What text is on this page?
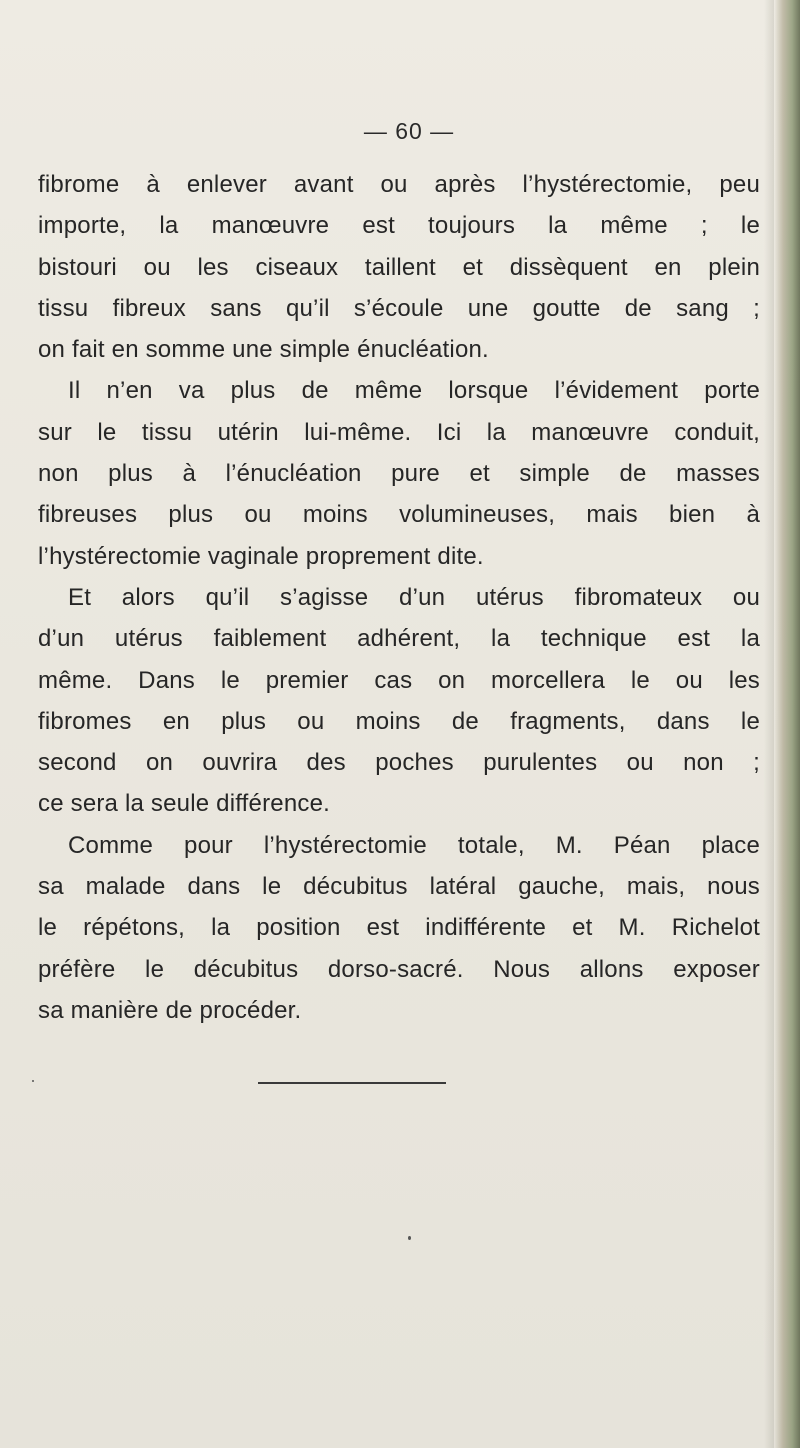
— 60 —
fibrome à enlever avant ou après l’hystérectomie, peu
importe, la manœuvre est toujours la même ; le
bistouri ou les ciseaux taillent et dissèquent en plein
tissu fibreux sans qu’il s’écoule une goutte de sang ;
on fait en somme une simple énucléation.
Il n’en va plus de même lorsque l’évidement porte
sur le tissu utérin lui-même. Ici la manœuvre conduit,
non plus à l’énucléation pure et simple de masses
fibreuses plus ou moins volumineuses, mais bien à
l’hystérectomie vaginale proprement dite.
Et alors qu’il s’agisse d’un utérus fibromateux ou
d’un utérus faiblement adhérent, la technique est la
même. Dans le premier cas on morcellera le ou les
fibromes en plus ou moins de fragments, dans le
second on ouvrira des poches purulentes ou non ;
ce sera la seule différence.
Comme pour l’hystérectomie totale, M. Péan place
sa malade dans le décubitus latéral gauche, mais, nous
le répétons, la position est indifférente et M. Richelot
préfère le décubitus dorso-sacré. Nous allons exposer
sa manière de procéder.
